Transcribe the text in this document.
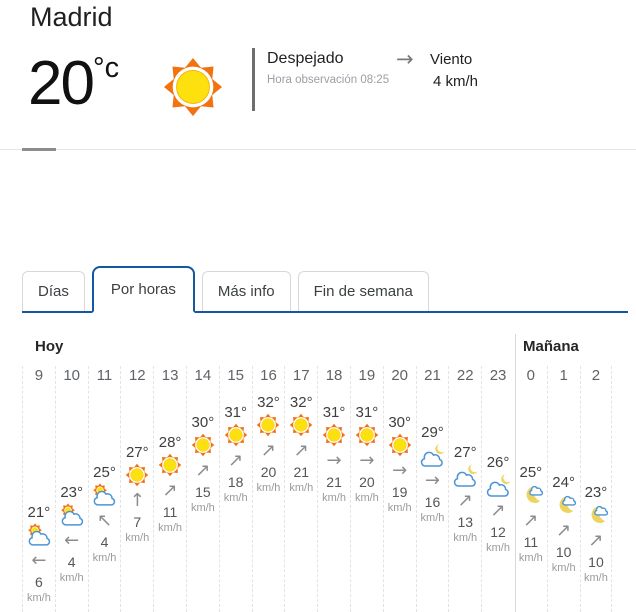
Madrid
$20^{^\circ c}$	Despejado
Hora observación 08:25
→ Viento
4 km/h
Días	Por horas	Más info	Fin de semana
Hoy	Mañana
9
21°
←
6
km/h
10
23°
←
4
km/h
11
25°
↖
4
km/h
12
27°
↑
7
km/h
13
28°
↗
11
km/h
14
30°
↗
15
km/h
15
31°
↗
18
km/h
16
32°
↗
20
km/h
17
32°
↗
21
km/h
18
31°
→
21
km/h
19
31°
→
20
km/h
20
30°
→
19
km/h
21
29°
→
16
km/h
22
27°
↗
13
km/h
23
26°
↗
12
km/h
0
25°
↗
11
km/h
1
24°
↗
10
km/h
2
23°
↗
10
km/h
